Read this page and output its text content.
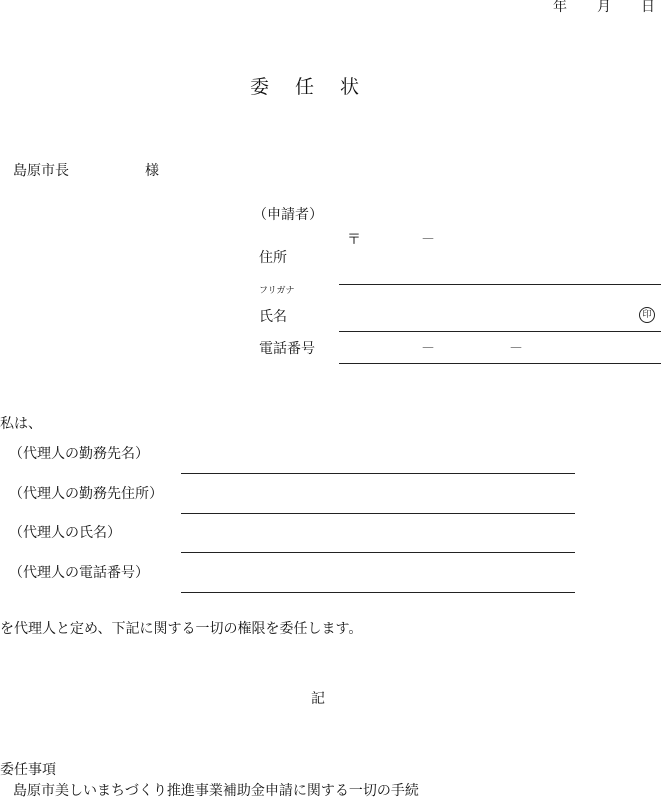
年 月 日
委任状
島原市長	様
（申請者）
〒	－
住所
フリガナ
氏名	印
電話番号	－	－
私は、
（代理人の勤務先名）
（代理人の勤務先住所）
（代理人の氏名）
（代理人の電話番号）
を代理人と定め、下記に関する一切の権限を委任します。
記
委任事項
島原市美しいまちづくり推進事業補助金申請に関する一切の手続
